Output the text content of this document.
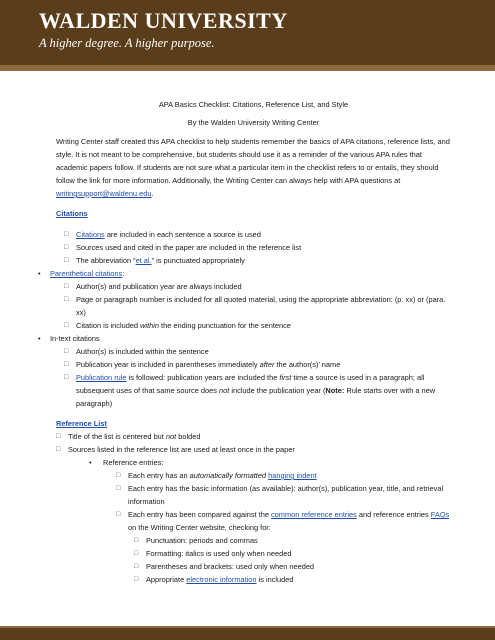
WALDEN UNIVERSITY
A higher degree. A higher purpose.
APA Basics Checklist: Citations, Reference List, and Style
By the Walden University Writing Center
Writing Center staff created this APA checklist to help students remember the basics of APA citations, reference lists, and style. It is not meant to be comprehensive, but students should use it as a reminder of the various APA rules that academic papers follow. If students are not sure what a particular item in the checklist refers to or entails, they should follow the link for more information. Additionally, the Writing Center can always help with APA questions at writingsupport@waldenu.edu.
Citations
□ Citations are included in each sentence a source is used
□ Sources used and cited in the paper are included in the reference list
□ The abbreviation “et al.” is punctuated appropriately
• Parenthetical citations:
□ Author(s) and publication year are always included
□ Page or paragraph number is included for all quoted material, using the appropriate abbreviation: (p. xx) or (para. xx)
□ Citation is included within the ending punctuation for the sentence
• In-text citations
□ Author(s) is included within the sentence
□ Publication year is included in parentheses immediately after the author(s)’ name
□ Publication rule is followed: publication years are included the first time a source is used in a paragraph; all subsequent uses of that same source does not include the publication year (Note: Rule starts over with a new paragraph)
Reference List
□ Title of the list is centered but not bolded
□ Sources listed in the reference list are used at least once in the paper
• Reference entries:
□ Each entry has an automatically formatted hanging indent
□ Each entry has the basic information (as available): author(s), publication year, title, and retrieval information
□ Each entry has been compared against the common reference entries and reference entries FAQs on the Writing Center website, checking for:
□ Punctuation: periods and commas
□ Formatting: italics is used only when needed
□ Parentheses and brackets: used only when needed
□ Appropriate electronic information is included
